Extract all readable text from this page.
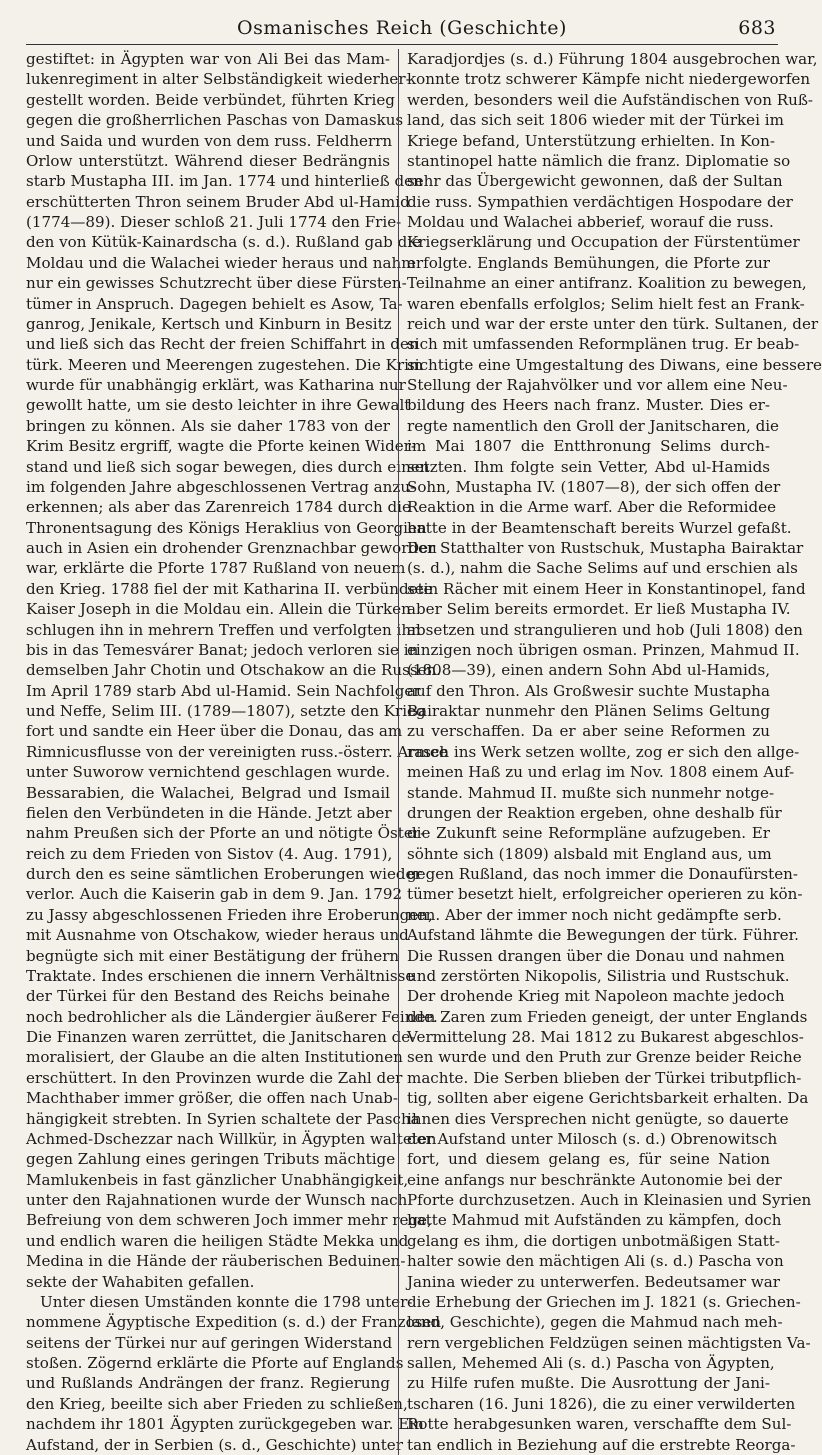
Osmanisches Reich (Geschichte)	683
gestiftet: in Ägypten war von Ali Bei das Mam-
lukenregiment in alter Selbständigkeit wiederher-
gestellt worden. Beide verbündet, führten Krieg
gegen die großherrlichen Paschas von Damaskus
und Saida und wurden von dem russ. Feldherrn
Orlow unterstützt. Während dieser Bedrängnis
starb Mustapha III. im Jan. 1774 und hinterließ den
erschütterten Thron seinem Bruder Abd ul-Hamid
(1774—89). Dieser schloß 21. Juli 1774 den Frie-
den von Kütük-Kainardscha (s. d.). Rußland gab die
Moldau und die Walachei wieder heraus und nahm
nur ein gewisses Schutzrecht über diese Fürsten-
tümer in Anspruch. Dagegen behielt es Asow, Ta-
ganrog, Jenikale, Kertsch und Kinburn in Besitz
und ließ sich das Recht der freien Schiffahrt in den
türk. Meeren und Meerengen zugestehen. Die Krim
wurde für unabhängig erklärt, was Katharina nur
gewollt hatte, um sie desto leichter in ihre Gewalt
bringen zu können. Als sie daher 1783 von der
Krim Besitz ergriff, wagte die Pforte keinen Wider-
stand und ließ sich sogar bewegen, dies durch einen
im folgenden Jahre abgeschlossenen Vertrag anzu-
erkennen; als aber das Zarenreich 1784 durch die
Thronentsagung des Königs Heraklius von Georgien
auch in Asien ein drohender Grenznachbar geworden
war, erklärte die Pforte 1787 Rußland von neuem
den Krieg. 1788 fiel der mit Katharina II. verbündete
Kaiser Joseph in die Moldau ein. Allein die Türken
schlugen ihn in mehrern Treffen und verfolgten ihn
bis in das Temesvárer Banat; jedoch verloren sie in
demselben Jahr Chotin und Otschakow an die Russen.
Im April 1789 starb Abd ul-Hamid. Sein Nachfolger
und Neffe, Selim III. (1789—1807), setzte den Krieg
fort und sandte ein Heer über die Donau, das am
Rimnicusflusse von der vereinigten russ.-österr. Armee
unter Suworow vernichtend geschlagen wurde.
Bessarabien, die Walachei, Belgrad und Ismail
fielen den Verbündeten in die Hände. Jetzt aber
nahm Preußen sich der Pforte an und nötigte Öster-
reich zu dem Frieden von Sistov (4. Aug. 1791),
durch den es seine sämtlichen Eroberungen wieder
verlor. Auch die Kaiserin gab in dem 9. Jan. 1792
zu Jassy abgeschlossenen Frieden ihre Eroberungen,
mit Ausnahme von Otschakow, wieder heraus und
begnügte sich mit einer Bestätigung der frühern
Traktate. Indes erschienen die innern Verhältnisse
der Türkei für den Bestand des Reichs beinahe
noch bedrohlicher als die Ländergier äußerer Feinde.
Die Finanzen waren zerrüttet, die Janitscharen de-
moralisiert, der Glaube an die alten Institutionen
erschüttert. In den Provinzen wurde die Zahl der
Machthaber immer größer, die offen nach Unab-
hängigkeit strebten. In Syrien schaltete der Pascha
Achmed-Dschezzar nach Willkür, in Ägypten walteten
gegen Zahlung eines geringen Tributs mächtige
Mamlukenbeis in fast gänzlicher Unabhängigkeit,
unter den Rajahnationen wurde der Wunsch nach
Befreiung von dem schweren Joch immer mehr rege,
und endlich waren die heiligen Städte Mekka und
Medina in die Hände der räuberischen Beduinen-
sekte der Wahabiten gefallen.
Unter diesen Umständen konnte die 1798 unter-
nommene Ägyptische Expedition (s. d.) der Franzosen
seitens der Türkei nur auf geringen Widerstand
stoßen. Zögernd erklärte die Pforte auf Englands
und Rußlands Andrängen der franz. Regierung
den Krieg, beeilte sich aber Frieden zu schließen,
nachdem ihr 1801 Ägypten zurückgegeben war. Ein
Aufstand, der in Serbien (s. d., Geschichte) unter
Karadjordjes (s. d.) Führung 1804 ausgebrochen war,
konnte trotz schwerer Kämpfe nicht niedergeworfen
werden, besonders weil die Aufständischen von Ruß-
land, das sich seit 1806 wieder mit der Türkei im
Kriege befand, Unterstützung erhielten. In Kon-
stantinopel hatte nämlich die franz. Diplomatie so
sehr das Übergewicht gewonnen, daß der Sultan
die russ. Sympathien verdächtigen Hospodare der
Moldau und Walachei abberief, worauf die russ.
Kriegserklärung und Occupation der Fürstentümer
erfolgte. Englands Bemühungen, die Pforte zur
Teilnahme an einer antifranz. Koalition zu bewegen,
waren ebenfalls erfolglos; Selim hielt fest an Frank-
reich und war der erste unter den türk. Sultanen, der
sich mit umfassenden Reformplänen trug. Er beab-
sichtigte eine Umgestaltung des Diwans, eine bessere
Stellung der Rajahvölker und vor allem eine Neu-
bildung des Heers nach franz. Muster. Dies er-
regte namentlich den Groll der Janitscharen, die
im Mai 1807 die Entthronung Selims durch-
setzten. Ihm folgte sein Vetter, Abd ul-Hamids
Sohn, Mustapha IV. (1807—8), der sich offen der
Reaktion in die Arme warf. Aber die Reformidee
hatte in der Beamtenschaft bereits Wurzel gefaßt.
Der Statthalter von Rustschuk, Mustapha Bairaktar
(s. d.), nahm die Sache Selims auf und erschien als
sein Rächer mit einem Heer in Konstantinopel, fand
aber Selim bereits ermordet. Er ließ Mustapha IV.
absetzen und strangulieren und hob (Juli 1808) den
einzigen noch übrigen osman. Prinzen, Mahmud II.
(1808—39), einen andern Sohn Abd ul-Hamids,
auf den Thron. Als Großwesir suchte Mustapha
Bairaktar nunmehr den Plänen Selims Geltung
zu verschaffen. Da er aber seine Reformen zu
rasch ins Werk setzen wollte, zog er sich den allge-
meinen Haß zu und erlag im Nov. 1808 einem Auf-
stande. Mahmud II. mußte sich nunmehr notge-
drungen der Reaktion ergeben, ohne deshalb für
die Zukunft seine Reformpläne aufzugeben. Er
söhnte sich (1809) alsbald mit England aus, um
gegen Rußland, das noch immer die Donaufürsten-
tümer besetzt hielt, erfolgreicher operieren zu kön-
nen. Aber der immer noch nicht gedämpfte serb.
Aufstand lähmte die Bewegungen der türk. Führer.
Die Russen drangen über die Donau und nahmen
und zerstörten Nikopolis, Silistria und Rustschuk.
Der drohende Krieg mit Napoleon machte jedoch
den Zaren zum Frieden geneigt, der unter Englands
Vermittelung 28. Mai 1812 zu Bukarest abgeschlos-
sen wurde und den Pruth zur Grenze beider Reiche
machte. Die Serben blieben der Türkei tributpflich-
tig, sollten aber eigene Gerichtsbarkeit erhalten. Da
ihnen dies Versprechen nicht genügte, so dauerte
der Aufstand unter Milosch (s. d.) Obrenowitsch
fort, und diesem gelang es, für seine Nation
eine anfangs nur beschränkte Autonomie bei der
Pforte durchzusetzen. Auch in Kleinasien und Syrien
hatte Mahmud mit Aufständen zu kämpfen, doch
gelang es ihm, die dortigen unbotmäßigen Statt-
halter sowie den mächtigen Ali (s. d.) Pascha von
Janina wieder zu unterwerfen. Bedeutsamer war
die Erhebung der Griechen im J. 1821 (s. Griechen-
land, Geschichte), gegen die Mahmud nach meh-
rern vergeblichen Feldzügen seinen mächtigsten Va-
sallen, Mehemed Ali (s. d.) Pascha von Ägypten,
zu Hilfe rufen mußte. Die Ausrottung der Jani-
tscharen (16. Juni 1826), die zu einer verwilderten
Rotte herabgesunken waren, verschaffte dem Sul-
tan endlich in Beziehung auf die erstrebte Reorga-
